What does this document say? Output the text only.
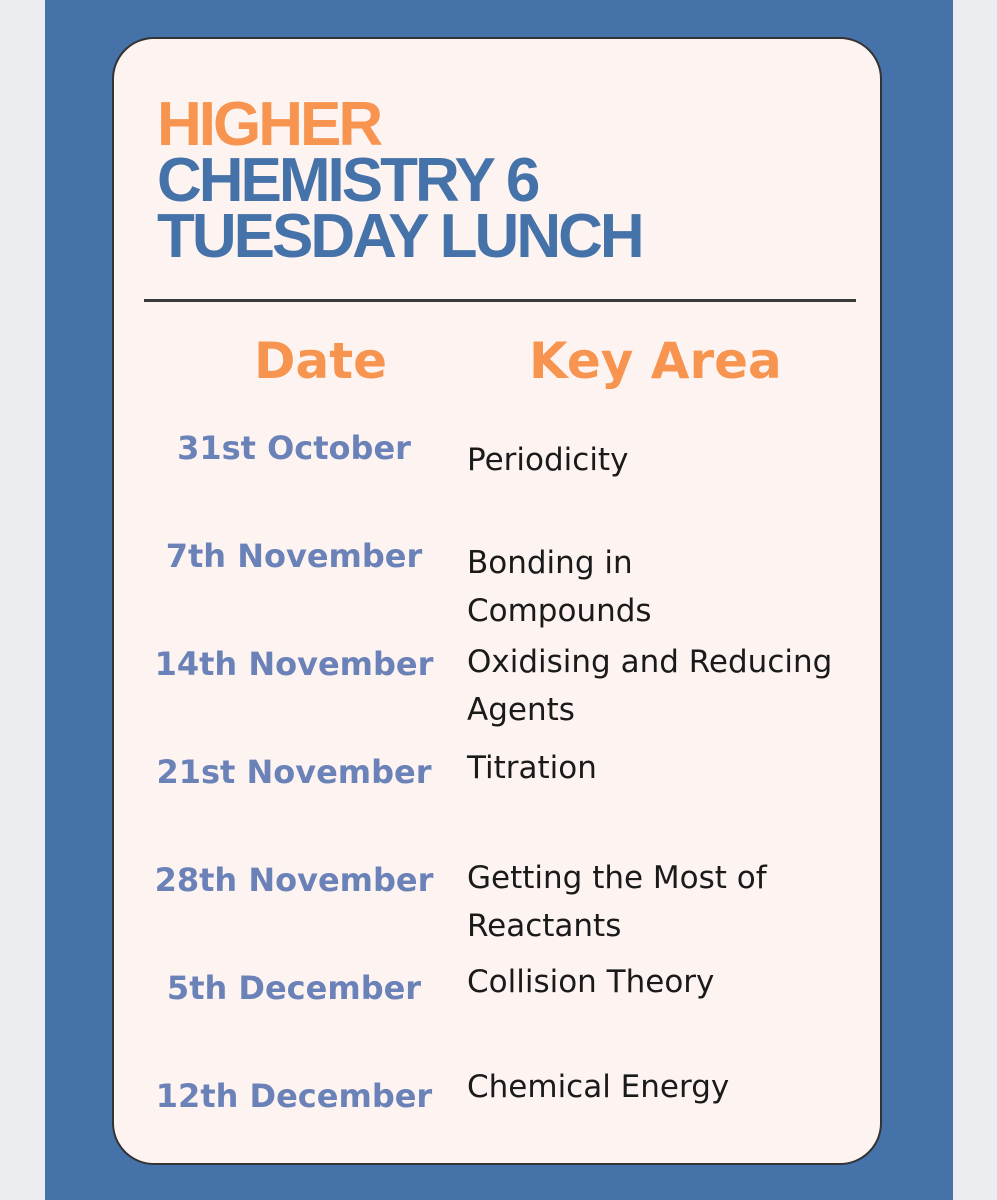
HIGHER
CHEMISTRY 6
TUESDAY LUNCH
Date	Key Area
31st October	Periodicity
7th November	Bonding in Compounds
14th November	Oxidising and Reducing Agents
21st November	Titration
28th November	Getting the Most of Reactants
5th December	Collision Theory
12th December	Chemical Energy
